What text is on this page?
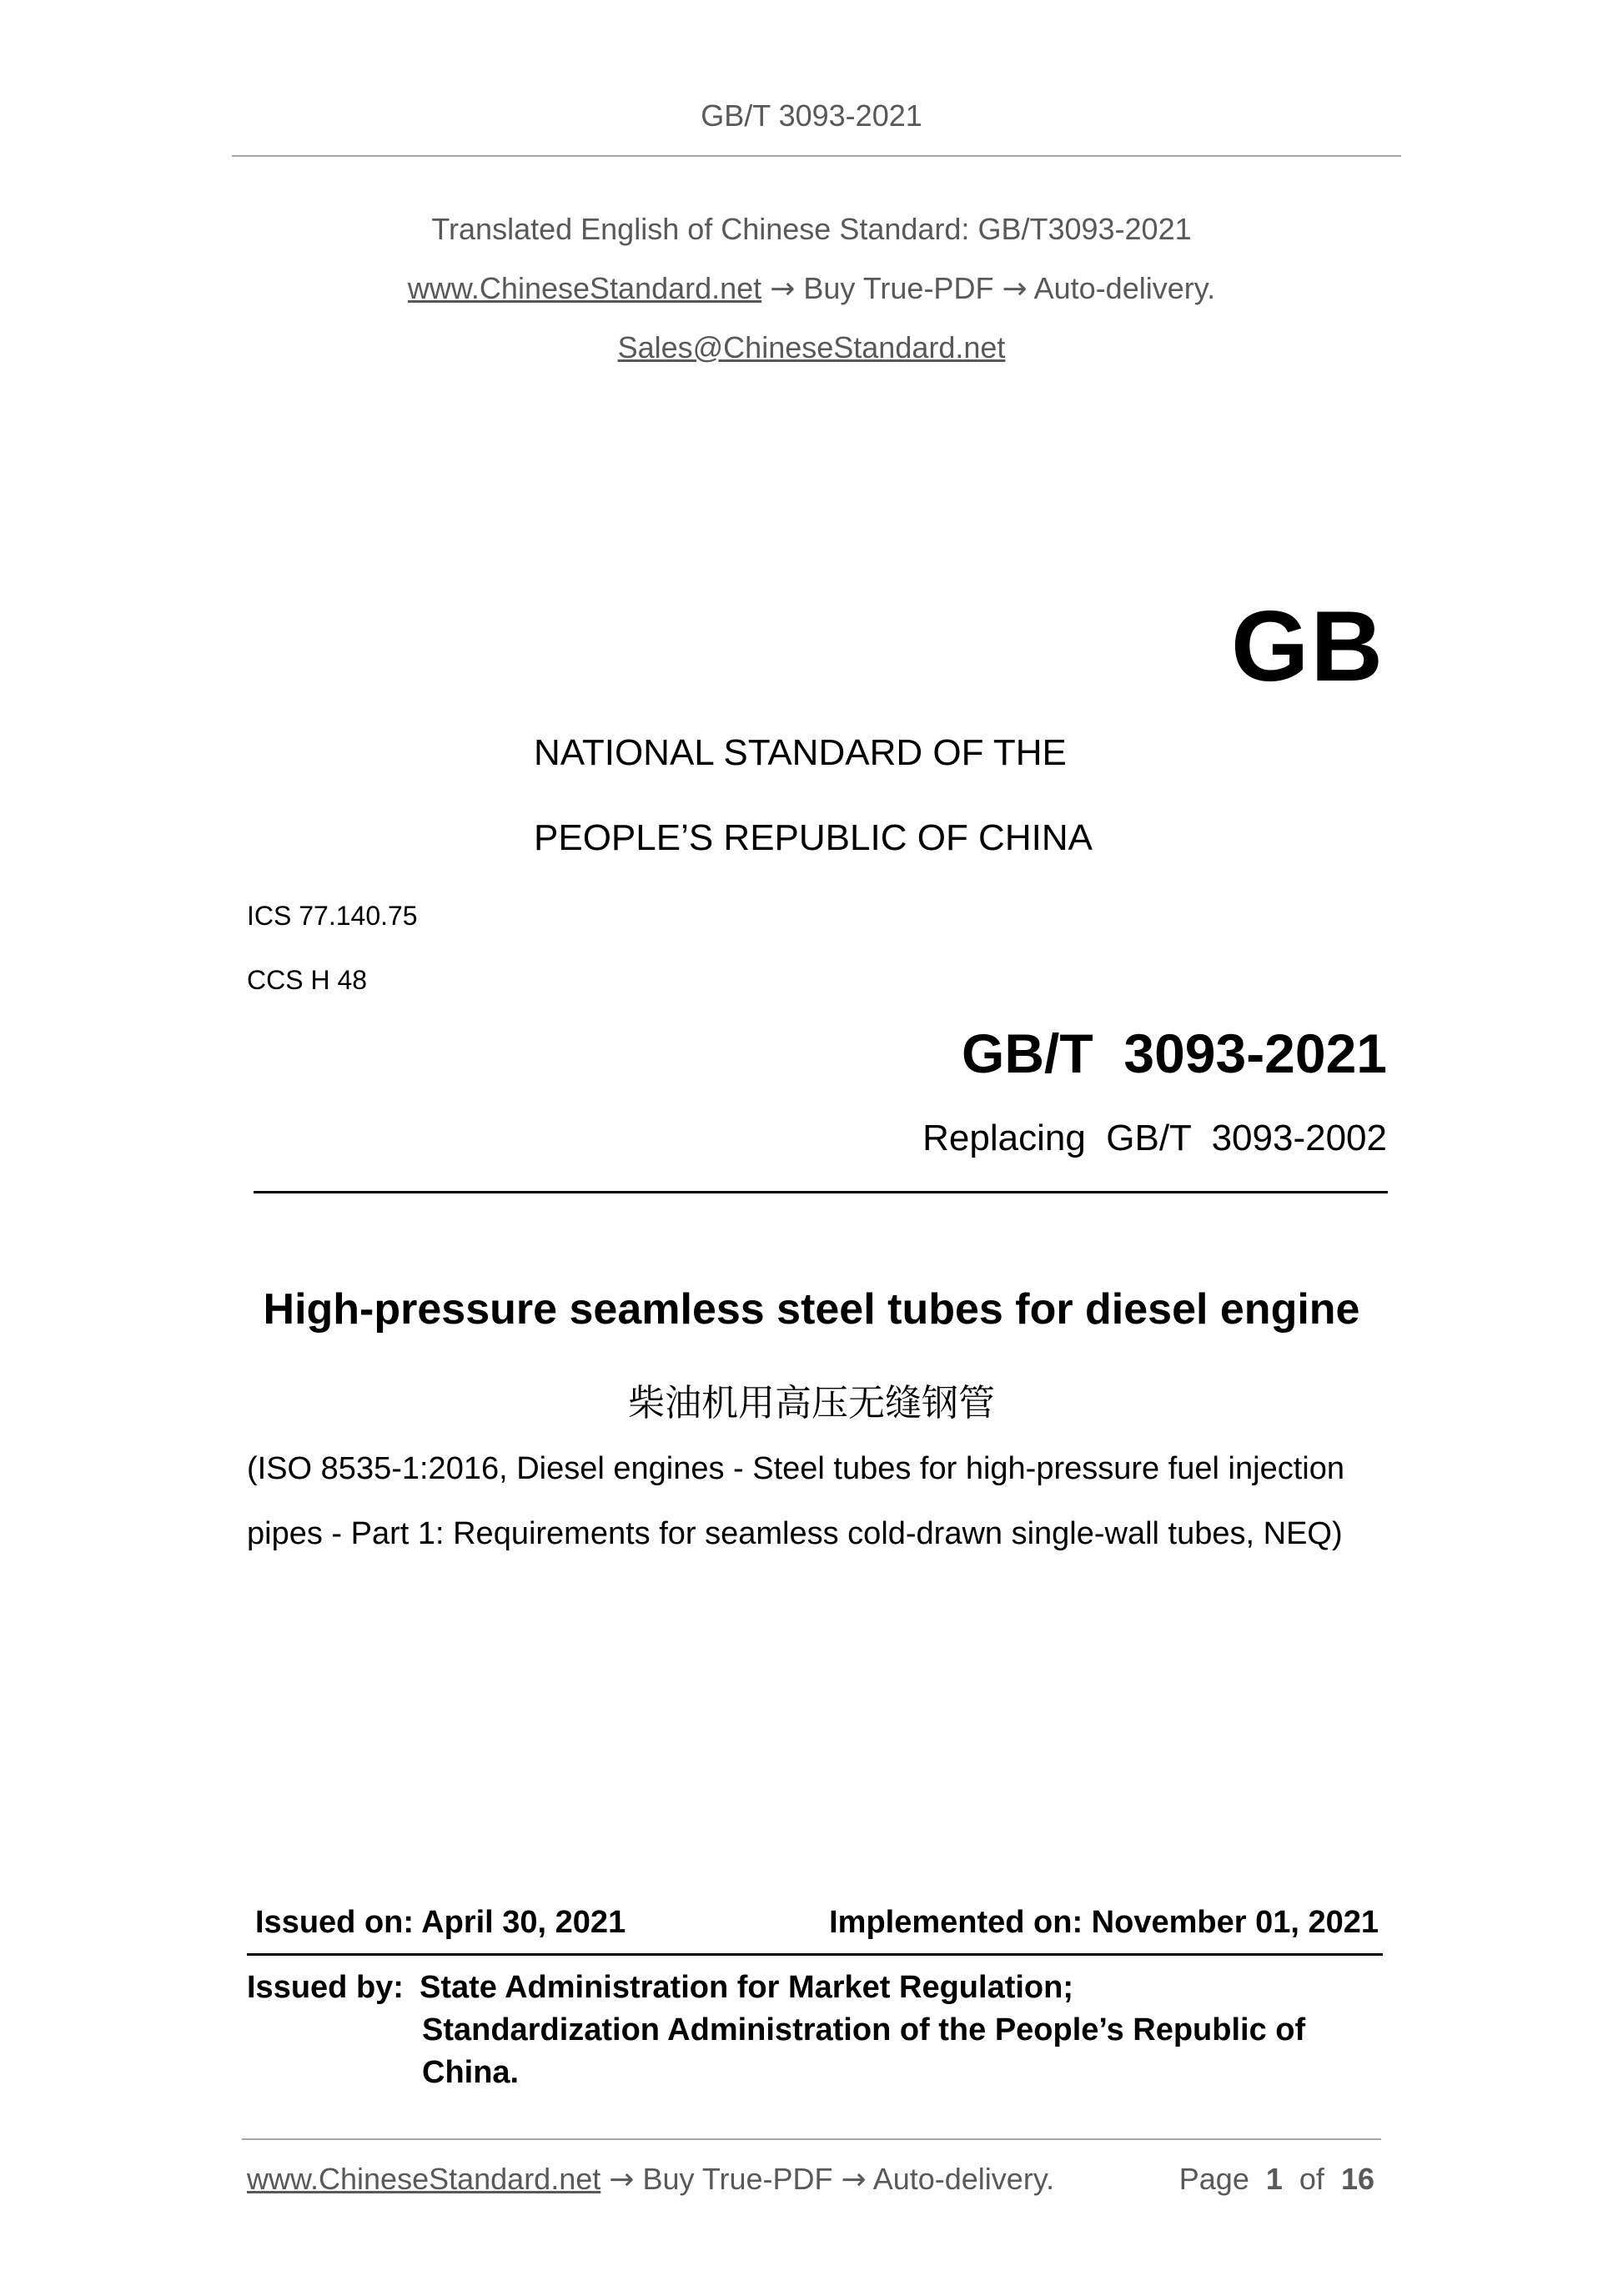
GB/T 3093-2021
Translated English of Chinese Standard: GB/T3093-2021
www.ChineseStandard.net → Buy True-PDF → Auto-delivery.
Sales@ChineseStandard.net
GB
NATIONAL STANDARD OF THE
PEOPLE’S REPUBLIC OF CHINA
ICS 77.140.75
CCS H 48
GB/T  3093-2021
Replacing  GB/T  3093-2002
High-pressure seamless steel tubes for diesel engine
柴油机用高压无缝钢管
(ISO 8535-1:2016, Diesel engines - Steel tubes for high-pressure fuel injection
pipes - Part 1: Requirements for seamless cold-drawn single-wall tubes, NEQ)
Issued on: April 30, 2021	Implemented on: November 01, 2021
Issued by: State Administration for Market Regulation;
Standardization Administration of the People’s Republic of
China.
www.ChineseStandard.net → Buy True-PDF → Auto-delivery.	Page 1 of 16
